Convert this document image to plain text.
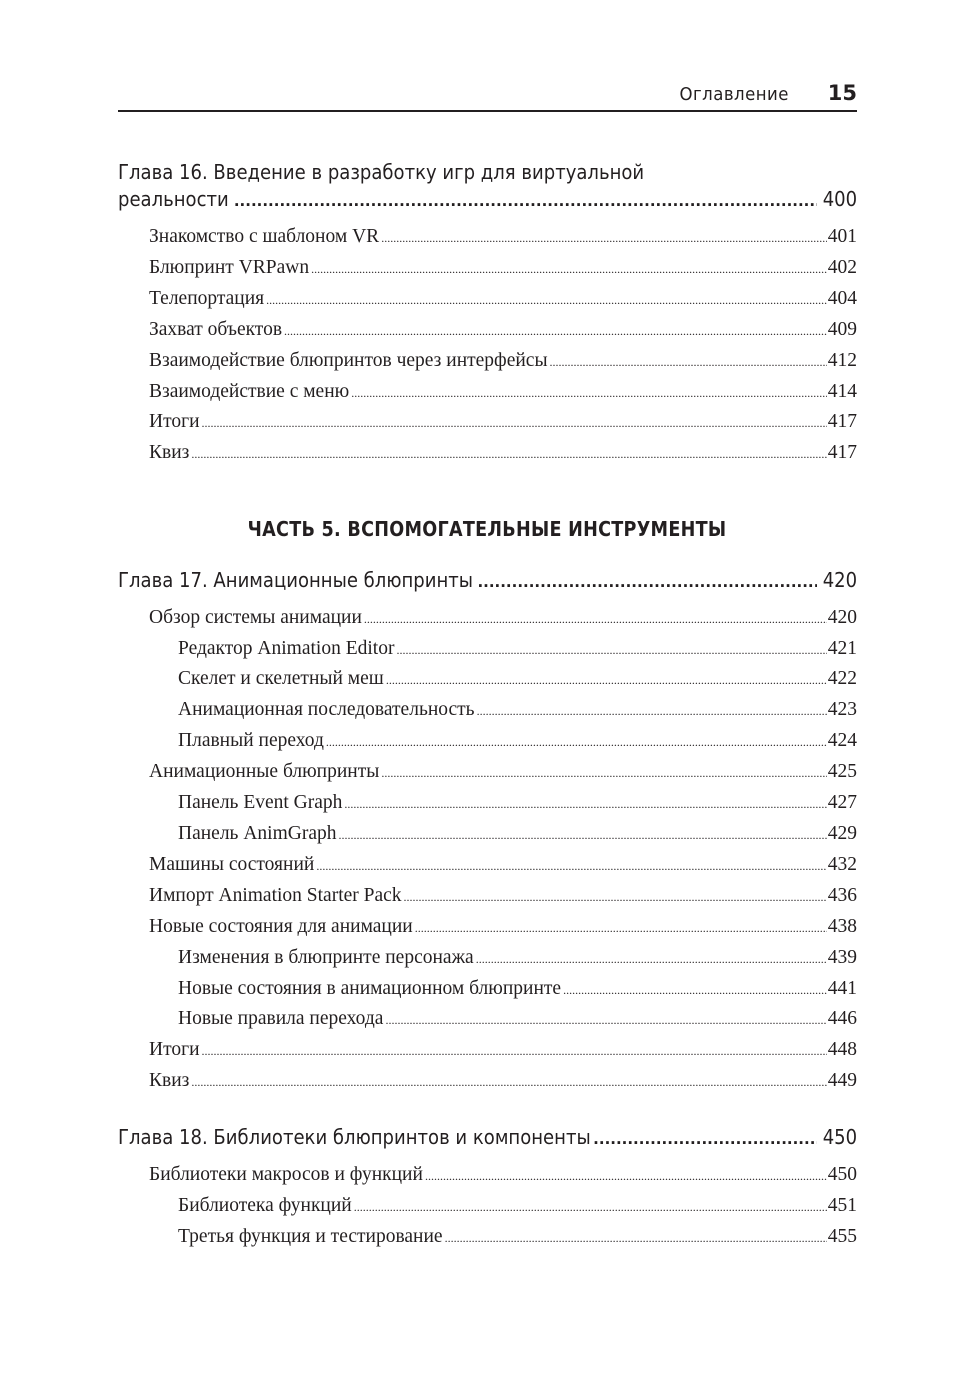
Оглавление 15
Глава 16. Введение в разработку игр для виртуальной
реальности .....	400
Знакомство с шаблоном VR .....	401
Блюпринт VRPawn .....	402
Телепортация .....	404
Захват объектов .....	409
Взаимодействие блюпринтов через интерфейсы .....	412
Взаимодействие с меню .....	414
Итоги .....	417
Квиз .....	417
ЧАСТЬ 5. ВСПОМОГАТЕЛЬНЫЕ ИНСТРУМЕНТЫ
Глава 17. Анимационные блюпринты .....	420
Обзор системы анимации .....	420
Редактор Animation Editor .....	421
Скелет и скелетный меш .....	422
Анимационная последовательность .....	423
Плавный переход .....	424
Анимационные блюпринты .....	425
Панель Event Graph .....	427
Панель AnimGraph .....	429
Машины состояний .....	432
Импорт Animation Starter Pack .....	436
Новые состояния для анимации .....	438
Изменения в блюпринте персонажа .....	439
Новые состояния в анимационном блюпринте .....	441
Новые правила перехода .....	446
Итоги .....	448
Квиз .....	449
Глава 18. Библиотеки блюпринтов и компоненты .....	450
Библиотеки макросов и функций .....	450
Библиотека функций .....	451
Третья функция и тестирование .....	455
